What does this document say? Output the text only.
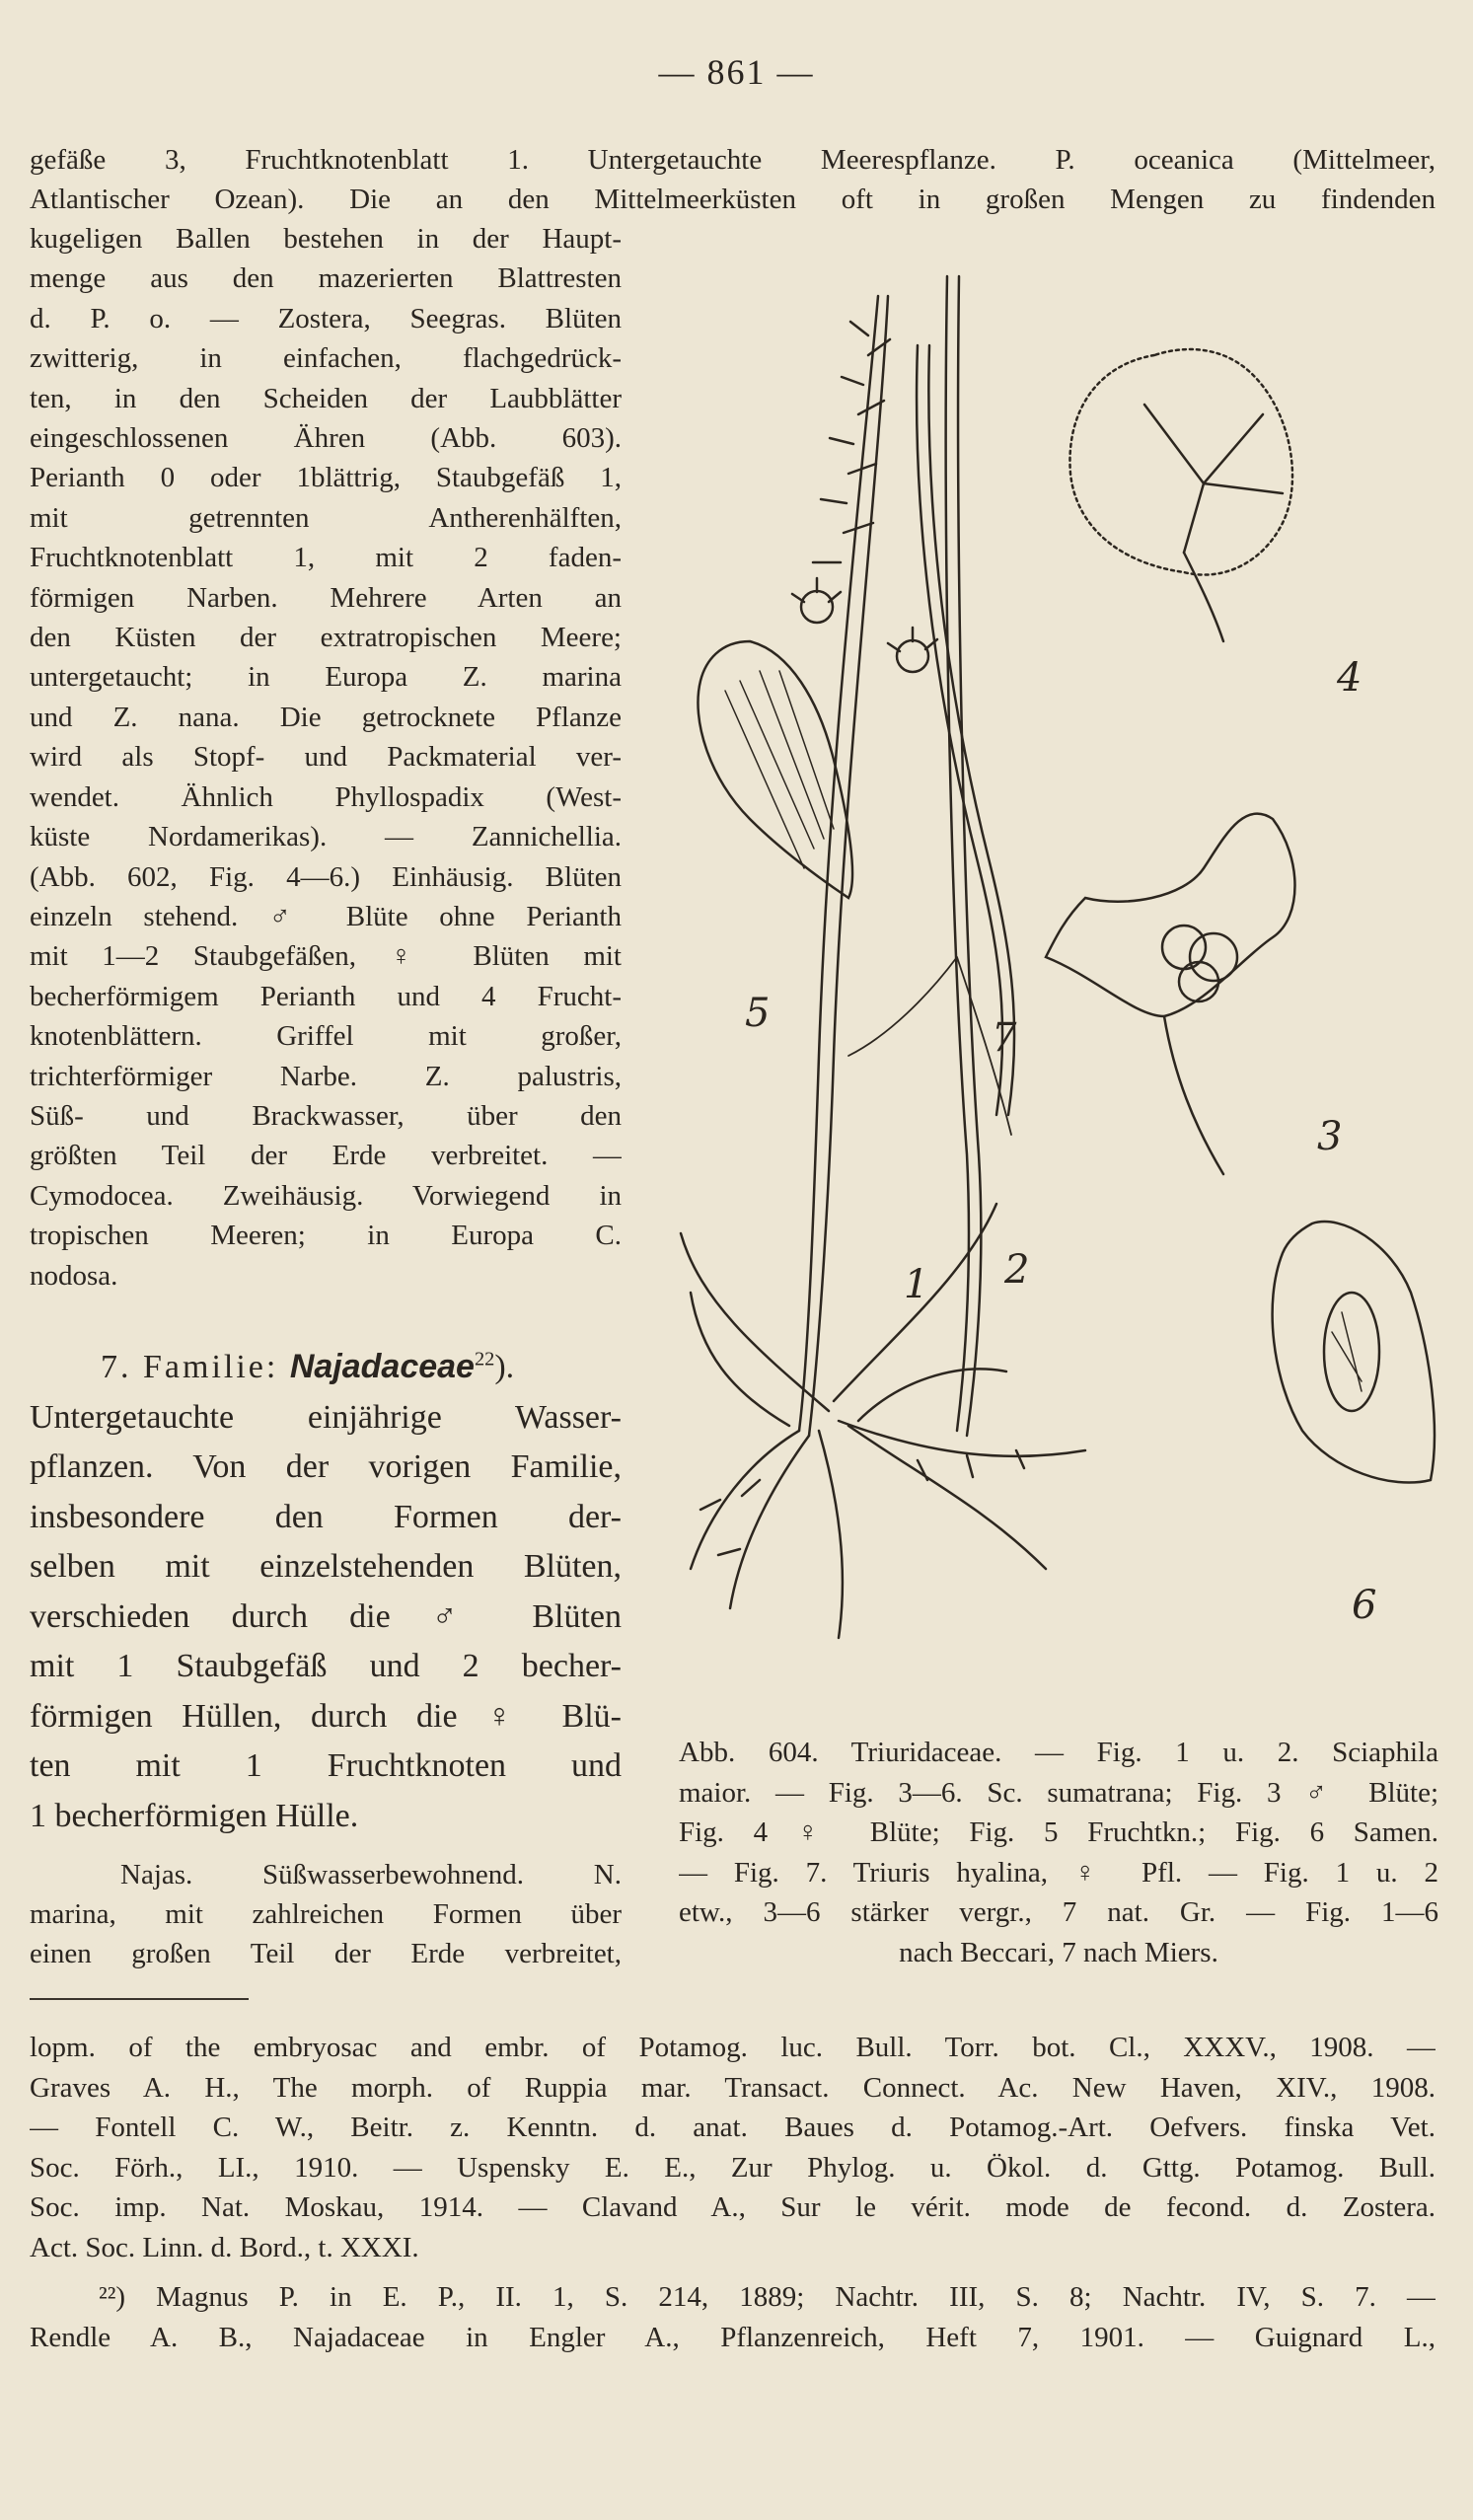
— 861 —
gefäße 3, Fruchtknotenblatt 1. Untergetauchte Meerespflanze. P. oceanica (Mittelmeer,
Atlantischer Ozean). Die an den Mittelmeerküsten oft in großen Mengen zu findenden
kugeligen Ballen bestehen in der Haupt-
menge aus den mazerierten Blattresten
d. P. o. — Zostera, Seegras. Blüten
zwitterig, in einfachen, flachgedrück-
ten, in den Scheiden der Laubblätter
eingeschlossenen Ähren (Abb. 603).
Perianth 0 oder 1blättrig, Staubgefäß 1,
mit getrennten Antherenhälften,
Fruchtknotenblatt 1, mit 2 faden-
förmigen Narben. Mehrere Arten an
den Küsten der extratropischen Meere;
untergetaucht; in Europa Z. marina
und Z. nana. Die getrocknete Pflanze
wird als Stopf- und Packmaterial ver-
wendet. Ähnlich Phyllospadix (West-
küste Nordamerikas). — Zannichellia.
(Abb. 602, Fig. 4—6.) Einhäusig. Blüten
einzeln stehend. ♂ Blüte ohne Perianth
mit 1—2 Staubgefäßen, ♀ Blüten mit
becherförmigem Perianth und 4 Frucht-
knotenblättern. Griffel mit großer,
trichterförmiger Narbe. Z. palustris,
Süß- und Brackwasser, über den
größten Teil der Erde verbreitet. —
Cymodocea. Zweihäusig. Vorwiegend in
tropischen Meeren; in Europa C.
nodosa.
7. Familie: Najadaceae$^{22}$).
Untergetauchte einjährige Wasser-
pflanzen. Von der vorigen Familie,
insbesondere den Formen der-
selben mit einzelstehenden Blüten,
verschieden durch die ♂ Blüten
mit 1 Staubgefäß und 2 becher-
förmigen Hüllen, durch die ♀ Blü-
ten mit 1 Fruchtknoten und
1 becherförmigen Hülle.
Najas. Süßwasserbewohnend. N.
marina, mit zahlreichen Formen über
einen großen Teil der Erde verbreitet,
1 2
3
4
5
6
7
Abb. 604. Triuridaceae. — Fig. 1 u. 2. Sciaphila
maior. — Fig. 3—6. Sc. sumatrana; Fig. 3 ♂ Blüte;
Fig. 4 ♀ Blüte; Fig. 5 Fruchtkn.; Fig. 6 Samen.
— Fig. 7. Triuris hyalina, ♀ Pfl. — Fig. 1 u. 2
etw., 3—6 stärker vergr., 7 nat. Gr. — Fig. 1—6
nach Beccari, 7 nach Miers.
lopm. of the embryosac and embr. of Potamog. luc. Bull. Torr. bot. Cl., XXXV., 1908. —
Graves A. H., The morph. of Ruppia mar. Transact. Connect. Ac. New Haven, XIV., 1908.
— Fontell C. W., Beitr. z. Kenntn. d. anat. Baues d. Potamog.-Art. Oefvers. finska Vet.
Soc. Förh., LI., 1910. — Uspensky E. E., Zur Phylog. u. Ökol. d. Gttg. Potamog. Bull.
Soc. imp. Nat. Moskau, 1914. — Clavand A., Sur le vérit. mode de fecond. d. Zostera.
Act. Soc. Linn. d. Bord., t. XXXI.
²²) Magnus P. in E. P., II. 1, S. 214, 1889; Nachtr. III, S. 8; Nachtr. IV, S. 7. —
Rendle A. B., Najadaceae in Engler A., Pflanzenreich, Heft 7, 1901. — Guignard L.,
